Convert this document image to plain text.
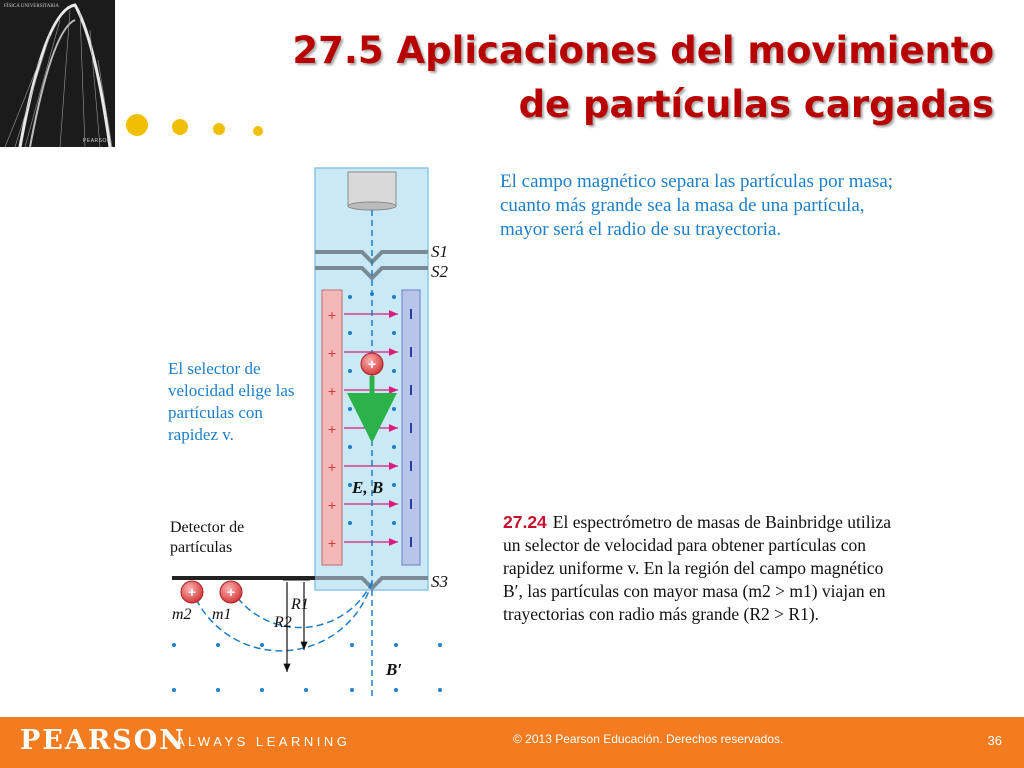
FÍSICA UNIVERSITARIA
PEARSON
27.5 Aplicaciones del movimiento
de partículas cargadas
+
+
+
+
+
+
+
+
+ +
S1
S2
S3
E, B
B′
m2 m1
R1
R2
El campo magnético separa las partículas por masa; cuanto más grande sea la masa de una partícula, mayor será el radio de su trayectoria.
El selector de velocidad elige las partículas con rapidez v.
Detector de partículas
27.24 El espectrómetro de masas de Bainbridge utiliza un selector de velocidad para obtener partículas con rapidez uniforme v. En la región del campo magnético B′, las partículas con mayor masa (m2 > m1) viajan en trayectorias con radio más grande (R2 > R1).
PEARSON
ALWAYS LEARNING	© 2013 Pearson Educación. Derechos reservados.	36
